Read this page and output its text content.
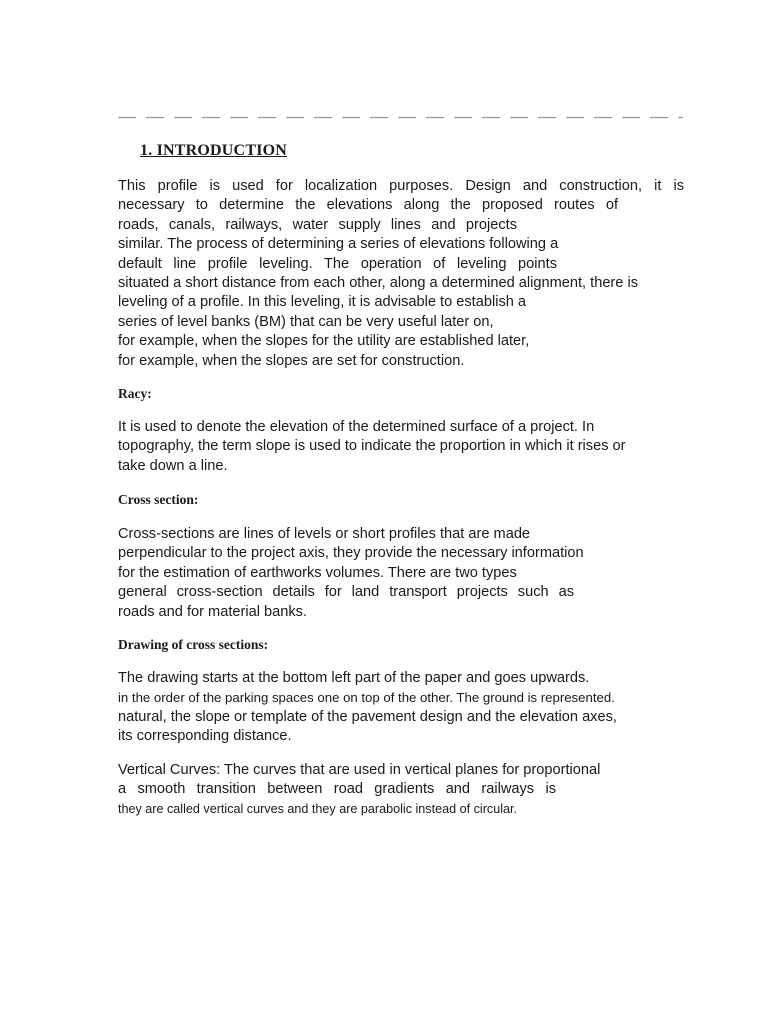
1. INTRODUCTION
This profile is used for localization purposes. Design and construction, it is
necessary to determine the elevations along the proposed routes of
roads, canals, railways, water supply lines and projects
similar. The process of determining a series of elevations following a
default line profile leveling. The operation of leveling points
situated a short distance from each other, along a determined alignment, there is
leveling of a profile. In this leveling, it is advisable to establish a
series of level banks (BM) that can be very useful later on,
for example, when the slopes for the utility are established later,
for example, when the slopes are set for construction.
Racy:
It is used to denote the elevation of the determined surface of a project. In
topography, the term slope is used to indicate the proportion in which it rises or
take down a line.
Cross section:
Cross-sections are lines of levels or short profiles that are made
perpendicular to the project axis, they provide the necessary information
for the estimation of earthworks volumes. There are two types
general cross-section details for land transport projects such as
roads and for material banks.
Drawing of cross sections:
The drawing starts at the bottom left part of the paper and goes upwards.
in the order of the parking spaces one on top of the other. The ground is represented.
natural, the slope or template of the pavement design and the elevation axes,
its corresponding distance.
Vertical Curves: The curves that are used in vertical planes for proportional
a smooth transition between road gradients and railways is
they are called vertical curves and they are parabolic instead of circular.
